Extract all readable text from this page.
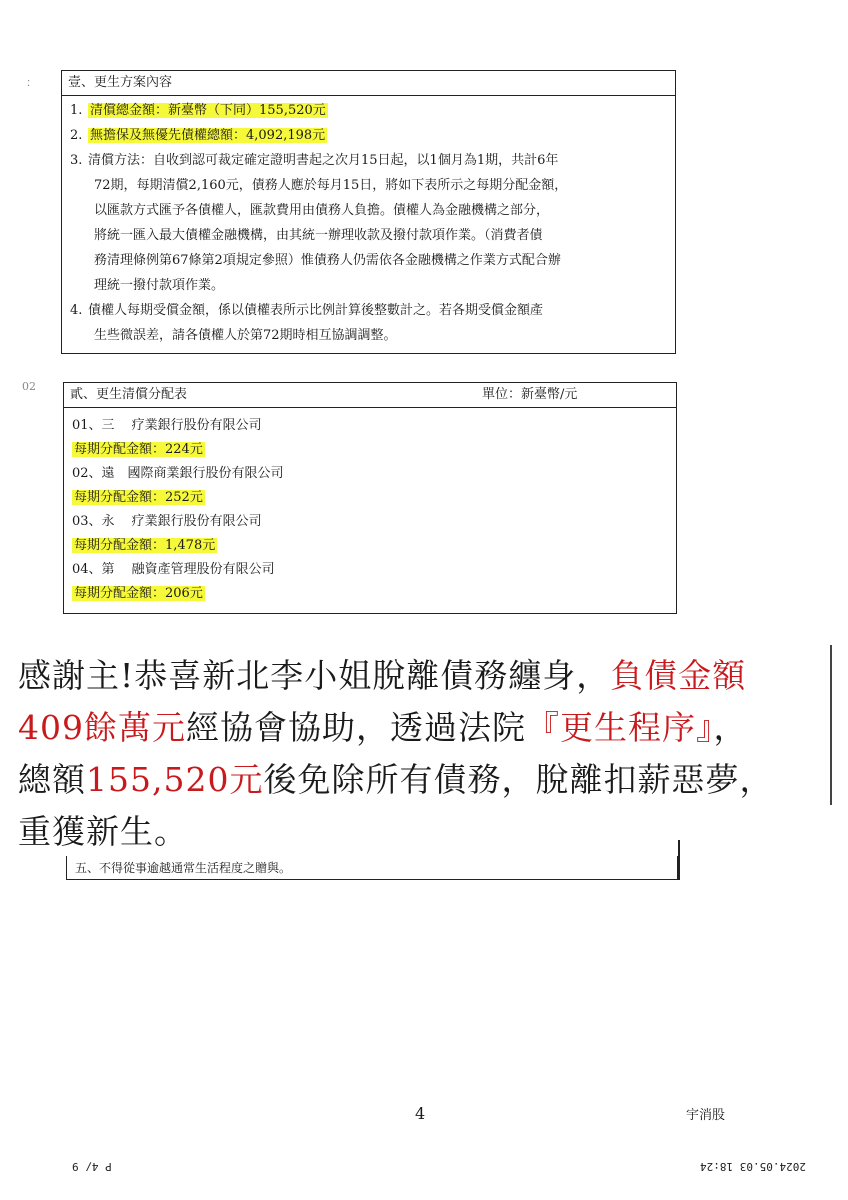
：
02
壹、更生方案內容
1. 清償總金額：新臺幣（下同）155,520元
2. 無擔保及無優先債權總額：4,092,198元
3. 清償方法：自收到認可裁定確定證明書起之次月15日起，以1個月為1期，共計6年
72期，每期清償2,160元，債務人應於每月15日，將如下表所示之每期分配金額，
以匯款方式匯予各債權人，匯款費用由債務人負擔。債權人為金融機構之部分，
將統一匯入最大債權金融機構，由其統一辦理收款及撥付款項作業。（消費者債
務清理條例第67條第2項規定參照）惟債務人仍需依各金融機構之作業方式配合辦
理統一撥付款項作業。
4. 債權人每期受償金額，係以債權表所示比例計算後整數計之。若各期受償金額產
生些微誤差，請各債權人於第72期時相互協調調整。
貳、更生清償分配表	單位：新臺幣/元
01、三　 疗業銀行股份有限公司
每期分配金額：224元
02、遠　國際商業銀行股份有限公司
每期分配金額：252元
03、永　 疗業銀行股份有限公司
每期分配金額：1,478元
04、第　 融資產管理股份有限公司
每期分配金額：206元
感謝主!恭喜新北李小姐脫離債務纏身，負債金額409餘萬元經協會協助，透過法院『更生程序』，總額155,520元後免除所有債務，脫離扣薪惡夢，重獲新生。
五、不得從事逾越通常生活程度之贈與。
4	宇消股
P 4/ 9	2024.05.03 18:24
